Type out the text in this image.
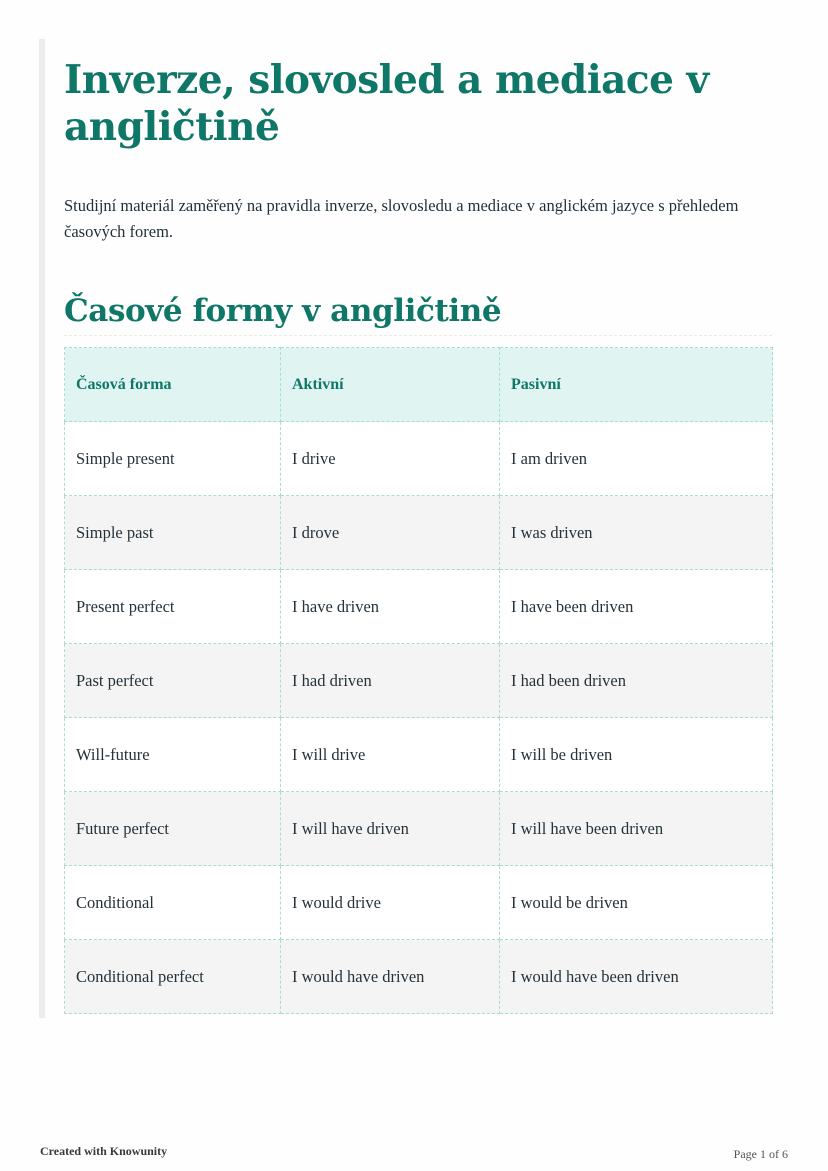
Inverze, slovosled a mediace v angličtině

Studijní materiál zaměřený na pravidla inverze, slovosledu a mediace v anglickém jazyce s přehledem časových forem.

Časové formy v angličtině
Časová forma	Aktivní	Pasivní
Simple present	I drive	I am driven
Simple past	I drove	I was driven
Present perfect	I have driven	I have been driven
Past perfect	I had driven	I had been driven
Will-future	I will drive	I will be driven
Future perfect	I will have driven	I will have been driven
Conditional	I would drive	I would be driven
Conditional perfect	I would have driven	I would have been driven
Created with Knowunity	Page 1 of 6
